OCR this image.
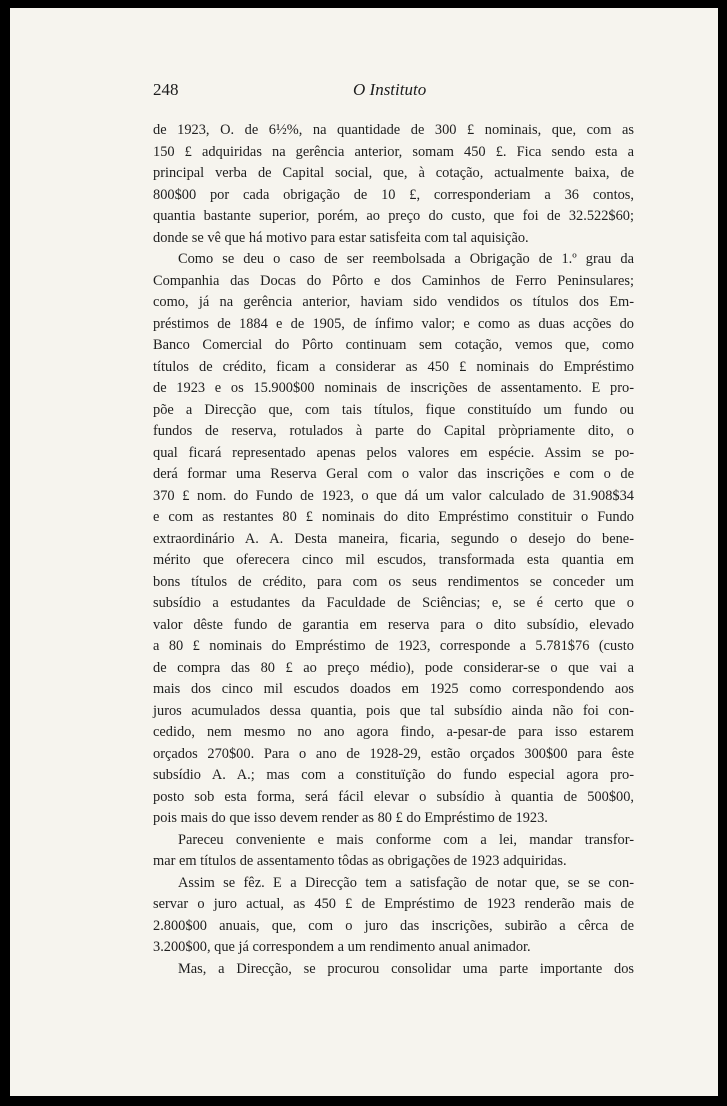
248	O Instituto
de 1923, O. de 6½%, na quantidade de 300 £ nominais, que, com as
150 £ adquiridas na gerência anterior, somam 450 £. Fica sendo esta a
principal verba de Capital social, que, à cotação, actualmente baixa, de
800$00 por cada obrigação de 10 £, corresponderiam a 36 contos,
quantia bastante superior, porém, ao preço do custo, que foi de 32.522$60;
donde se vê que há motivo para estar satisfeita com tal aquisição.
Como se deu o caso de ser reembolsada a Obrigação de 1.º grau da
Companhia das Docas do Pôrto e dos Caminhos de Ferro Peninsulares;
como, já na gerência anterior, haviam sido vendidos os títulos dos Em-
préstimos de 1884 e de 1905, de ínfimo valor; e como as duas acções do
Banco Comercial do Pôrto continuam sem cotação, vemos que, como
títulos de crédito, ficam a considerar as 450 £ nominais do Empréstimo
de 1923 e os 15.900$00 nominais de inscrições de assentamento. E pro-
põe a Direcção que, com tais títulos, fique constituído um fundo ou
fundos de reserva, rotulados à parte do Capital pròpriamente dito, o
qual ficará representado apenas pelos valores em espécie. Assim se po-
derá formar uma Reserva Geral com o valor das inscrições e com o de
370 £ nom. do Fundo de 1923, o que dá um valor calculado de 31.908$34
e com as restantes 80 £ nominais do dito Empréstimo constituir o Fundo
extraordinário A. A. Desta maneira, ficaria, segundo o desejo do bene-
mérito que oferecera cinco mil escudos, transformada esta quantia em
bons títulos de crédito, para com os seus rendimentos se conceder um
subsídio a estudantes da Faculdade de Sciências; e, se é certo que o
valor dêste fundo de garantia em reserva para o dito subsídio, elevado
a 80 £ nominais do Empréstimo de 1923, corresponde a 5.781$76 (custo
de compra das 80 £ ao preço médio), pode considerar-se o que vai a
mais dos cinco mil escudos doados em 1925 como correspondendo aos
juros acumulados dessa quantia, pois que tal subsídio ainda não foi con-
cedido, nem mesmo no ano agora findo, a-pesar-de para isso estarem
orçados 270$00. Para o ano de 1928-29, estão orçados 300$00 para êste
subsídio A. A.; mas com a constituïção do fundo especial agora pro-
posto sob esta forma, será fácil elevar o subsídio à quantia de 500$00,
pois mais do que isso devem render as 80 £ do Empréstimo de 1923.
Pareceu conveniente e mais conforme com a lei, mandar transfor-
mar em títulos de assentamento tôdas as obrigações de 1923 adquiridas.
Assim se fêz. E a Direcção tem a satisfação de notar que, se se con-
servar o juro actual, as 450 £ de Empréstimo de 1923 renderão mais de
2.800$00 anuais, que, com o juro das inscrições, subirão a cêrca de
3.200$00, que já correspondem a um rendimento anual animador.
Mas, a Direcção, se procurou consolidar uma parte importante dos
